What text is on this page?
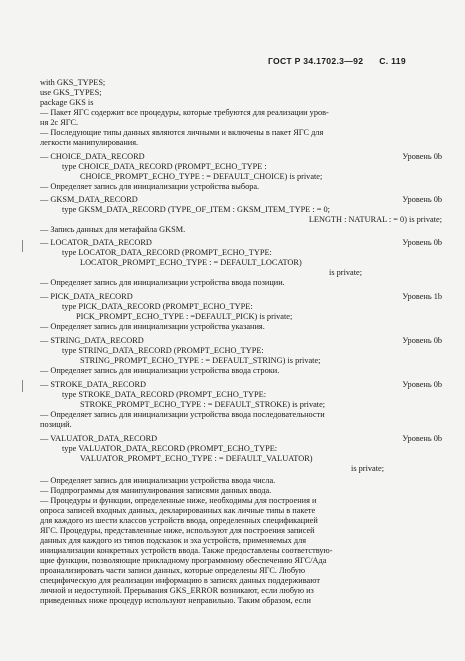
ГОСТ Р 34.1702.3—92 С. 119
with GKS_TYPES;
use GKS_TYPES;
package GKS is
— Пакет ЯГС содержит все процедуры, которые требуются для реализации уров-
ня 2с ЯГС.
— Последующие типы данных являются личными и включены в пакет ЯГС для
легкости манипулирования.
— CHOICE_DATA_RECORD	Уровень 0b
type CHOICE_DATA_RECORD (PROMPT_ECHO_TYPE :
CHOICE_PROMPT_ECHO_TYPE : = DEFAULT_CHOICE) is private;
— Определяет запись для инициализации устройства выбора.
— GKSM_DATA_RECORD	Уровень 0b
type GKSM_DATA_RECORD (TYPE_OF_ITEM : GKSM_ITEM_TYPE : = 0;
LENGTH : NATURAL : = 0) is private;
— Запись данных для метафайла GKSM.
— LOCATOR_DATA_RECORD	Уровень 0b
type LOCATOR_DATA_RECORD (PROMPT_ECHO_TYPE:
LOCATOR_PROMPT_ECHO_TYPE : = DEFAULT_LOCATOR)
is private;
— Определяет запись для инициализации устройства ввода позиции.
— PICK_DATA_RECORD	Уровень 1b
type PICK_DATA_RECORD (PROMPT_ECHO_TYPE:
PICK_PROMPT_ECHO_TYPE : =DEFAULT_PICK) is private;
— Определяет запись для инициализации устройства указания.
— STRING_DATA_RECORD	Уровень 0b
type STRING_DATA_RECORD (PROMPT_ECHO_TYPE:
STRING_PROMPT_ECHO_TYPE : = DEFAULT_STRING) is private;
— Определяет запись для инициализации устройства ввода строки.
— STROKE_DATA_RECORD	Уровень 0b
type STROKE_DATA_RECORD (PROMPT_ECHO_TYPE:
STROKE_PROMPT_ECHO_TYPE : = DEFAULT_STROKE) is private;
— Определяет запись для инициализации устройства ввода последовательности
позиций.
— VALUATOR_DATA_RECORD	Уровень 0b
type VALUATOR_DATA_RECORD (PROMPT_ECHO_TYPE:
VALUATOR_PROMPT_ECHO_TYPE : = DEFAULT_VALUATOR)
is private;
— Определяет запись для инициализации устройства ввода числа.
— Подпрограммы для манипулирования записями данных ввода.
— Процедуры и функции, определенные ниже, необходимы для построения и
опроса записей входных данных, декларированных как личные типы в пакете
для каждого из шести классов устройств ввода, определенных спецификацией
ЯГС. Процедуры, представленные ниже, используют для построения записей
данных для каждого из типов подсказок и эха устройств, применяемых для
инициализации конкретных устройств ввода. Также предоставлены соответствую-
щие функции, позволяющие прикладному программному обеспечению ЯГС/Ада
проанализировать части записи данных, которые определены ЯГС. Любую
специфическую для реализации информацию в записях данных поддерживают
личной и недоступной. Прерывания GKS_ERROR возникают, если любую из
приведенных ниже процедур используют неправильно. Таким образом, если
